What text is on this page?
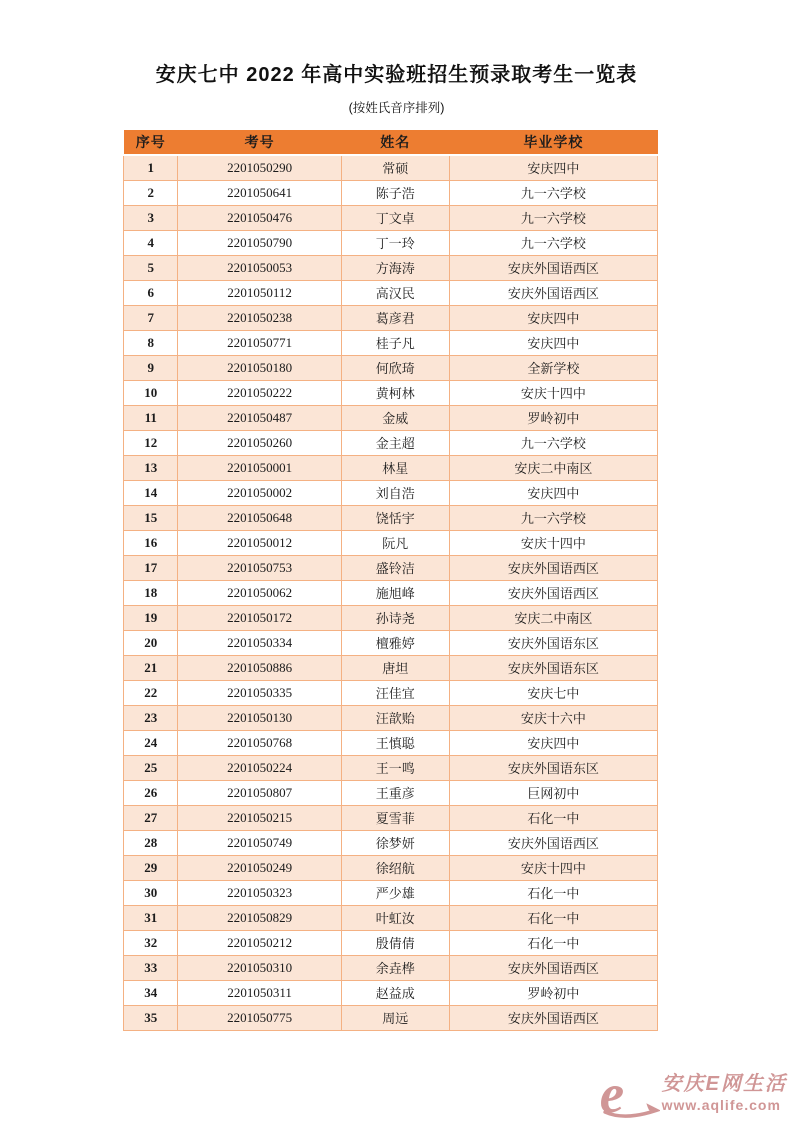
安庆七中 2022 年高中实验班招生预录取考生一览表
(按姓氏音序排列)
序号	考号	姓名	毕业学校
1	2201050290	常硕	安庆四中
2	2201050641	陈子浩	九一六学校
3	2201050476	丁文卓	九一六学校
4	2201050790	丁一玲	九一六学校
5	2201050053	方海涛	安庆外国语西区
6	2201050112	高汉民	安庆外国语西区
7	2201050238	葛彦君	安庆四中
8	2201050771	桂子凡	安庆四中
9	2201050180	何欣琦	全新学校
10	2201050222	黄柯林	安庆十四中
11	2201050487	金威	罗岭初中
12	2201050260	金主超	九一六学校
13	2201050001	林星	安庆二中南区
14	2201050002	刘自浩	安庆四中
15	2201050648	饶恬宇	九一六学校
16	2201050012	阮凡	安庆十四中
17	2201050753	盛铃洁	安庆外国语西区
18	2201050062	施旭峰	安庆外国语西区
19	2201050172	孙诗尧	安庆二中南区
20	2201050334	檀雅婷	安庆外国语东区
21	2201050886	唐坦	安庆外国语东区
22	2201050335	汪佳宜	安庆七中
23	2201050130	汪歆贻	安庆十六中
24	2201050768	王慎聪	安庆四中
25	2201050224	王一鸣	安庆外国语东区
26	2201050807	王重彦	巨网初中
27	2201050215	夏雪菲	石化一中
28	2201050749	徐梦妍	安庆外国语西区
29	2201050249	徐绍航	安庆十四中
30	2201050323	严少雄	石化一中
31	2201050829	叶虹汝	石化一中
32	2201050212	殷倩倩	石化一中
33	2201050310	余垚桦	安庆外国语西区
34	2201050311	赵益成	罗岭初中
35	2201050775	周远	安庆外国语西区
e 安庆E网生活
www.aqlife.com
